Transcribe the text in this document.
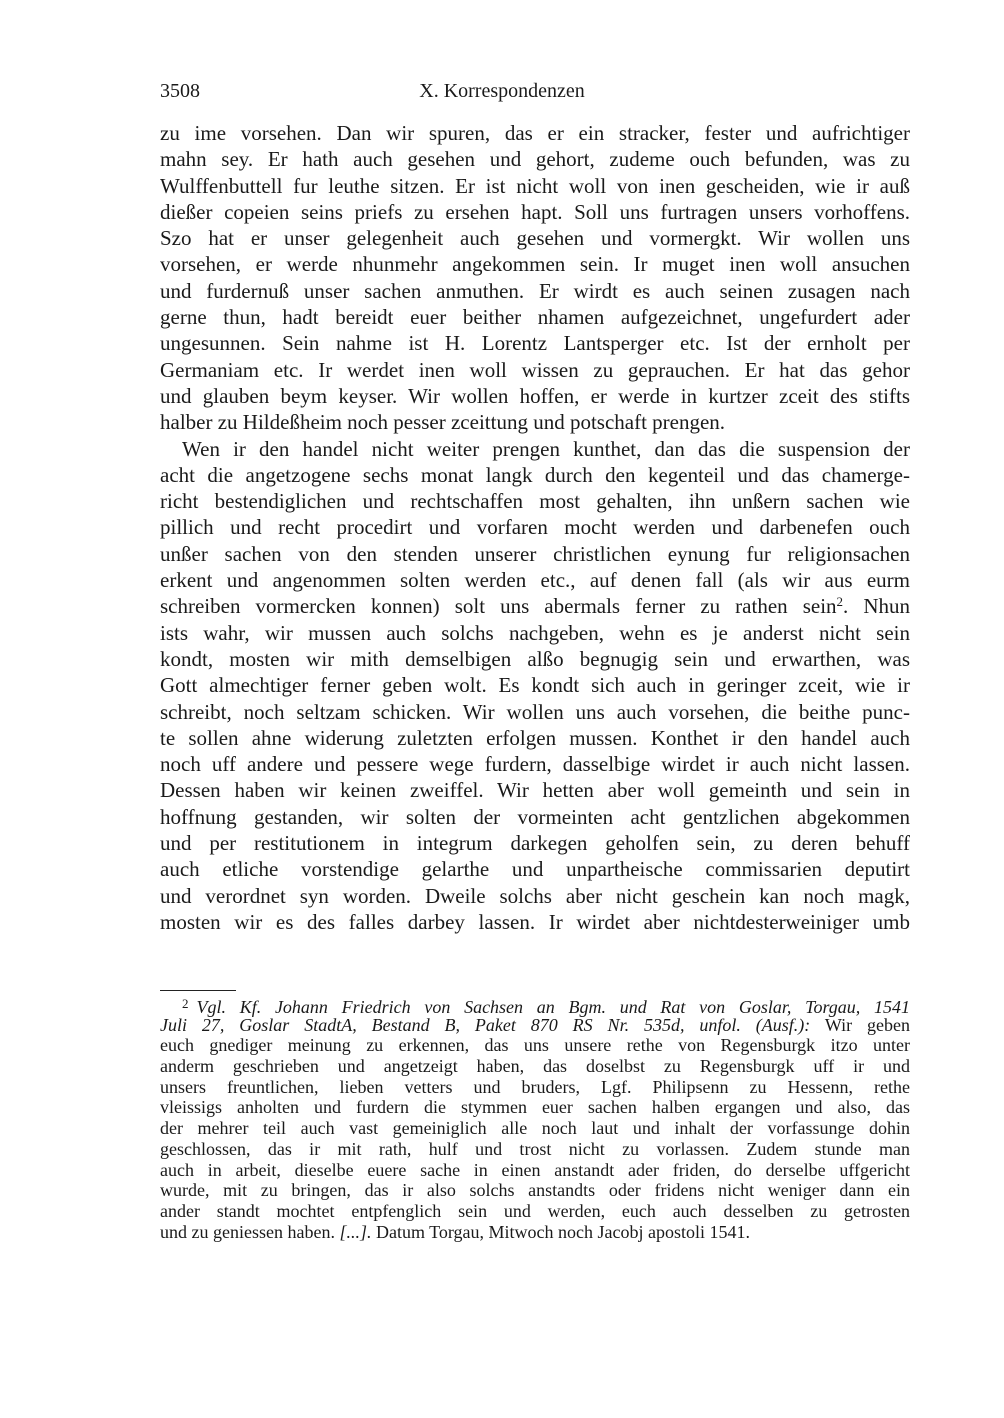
3508	X. Korrespondenzen
zu ime vorsehen. Dan wir spuren, das er ein stracker, fester und aufrichtiger
mahn sey. Er hath auch gesehen und gehort, zudeme ouch befunden, was zu
Wulffenbuttell fur leuthe sitzen. Er ist nicht woll von inen gescheiden, wie ir auß
dießer copeien seins priefs zu ersehen hapt. Soll uns furtragen unsers vorhoffens.
Szo hat er unser gelegenheit auch gesehen und vormergkt. Wir wollen uns
vorsehen, er werde nhunmehr angekommen sein. Ir muget inen woll ansuchen
und furdernuß unser sachen anmuthen. Er wirdt es auch seinen zusagen nach
gerne thun, hadt bereidt euer beither nhamen aufgezeichnet, ungefurdert ader
ungesunnen. Sein nahme ist H. Lorentz Lantsperger etc. Ist der ernholt per
Germaniam etc. Ir werdet inen woll wissen zu geprauchen. Er hat das gehor
und glauben beym keyser. Wir wollen hoffen, er werde in kurtzer zceit des stifts
halber zu Hildeßheim noch pesser zceittung und potschaft prengen.
Wen ir den handel nicht weiter prengen kunthet, dan das die suspension der
acht die angetzogene sechs monat langk durch den kegenteil und das chamerge-
richt bestendiglichen und rechtschaffen most gehalten, ihn unßern sachen wie
pillich und recht procedirt und vorfaren mocht werden und darbenefen ouch
unßer sachen von den stenden unserer christlichen eynung fur religionsachen
erkent und angenommen solten werden etc., auf denen fall (als wir aus eurm
schreiben vormercken konnen) solt uns abermals ferner zu rathen sein$^2$. Nhun
ists wahr, wir mussen auch solchs nachgeben, wehn es je anderst nicht sein
kondt, mosten wir mith demselbigen alßo begnugig sein und erwarthen, was
Gott almechtiger ferner geben wolt. Es kondt sich auch in geringer zceit, wie ir
schreibt, noch seltzam schicken. Wir wollen uns auch vorsehen, die beithe punc-
te sollen ahne widerung zuletzten erfolgen mussen. Konthet ir den handel auch
noch uff andere und pessere wege furdern, dasselbige wirdet ir auch nicht lassen.
Dessen haben wir keinen zweiffel. Wir hetten aber woll gemeinth und sein in
hoffnung gestanden, wir solten der vormeinten acht gentzlichen abgekommen
und per restitutionem in integrum darkegen geholfen sein, zu deren behuff
auch etliche vorstendige gelarthe und unpartheische commissarien deputirt
und verordnet syn worden. Dweile solchs aber nicht geschein kan noch magk,
mosten wir es des falles darbey lassen. Ir wirdet aber nichtdesterweiniger umb
$^2$ Vgl. Kf. Johann Friedrich von Sachsen an Bgm. und Rat von Goslar, Torgau, 1541
Juli 27, Goslar StadtA, Bestand B, Paket 870 RS Nr. 535d, unfol. (Ausf.): Wir geben
euch gnediger meinung zu erkennen, das uns unsere rethe von Regensburgk itzo unter
anderm geschrieben und angetzeigt haben, das doselbst zu Regensburgk uff ir und
unsers freuntlichen, lieben vetters und bruders, Lgf. Philipsenn zu Hessenn, rethe
vleissigs anholten und furdern die stymmen euer sachen halben ergangen und also, das
der mehrer teil auch vast gemeiniglich alle noch laut und inhalt der vorfassunge dohin
geschlossen, das ir mit rath, hulf und trost nicht zu vorlassen. Zudem stunde man
auch in arbeit, dieselbe euere sache in einen anstandt ader friden, do derselbe uffgericht
wurde, mit zu bringen, das ir also solchs anstandts oder fridens nicht weniger dann ein
ander standt mochtet entpfenglich sein und werden, euch auch desselben zu getrosten
und zu geniessen haben. [...]. Datum Torgau, Mitwoch noch Jacobj apostoli 1541.
